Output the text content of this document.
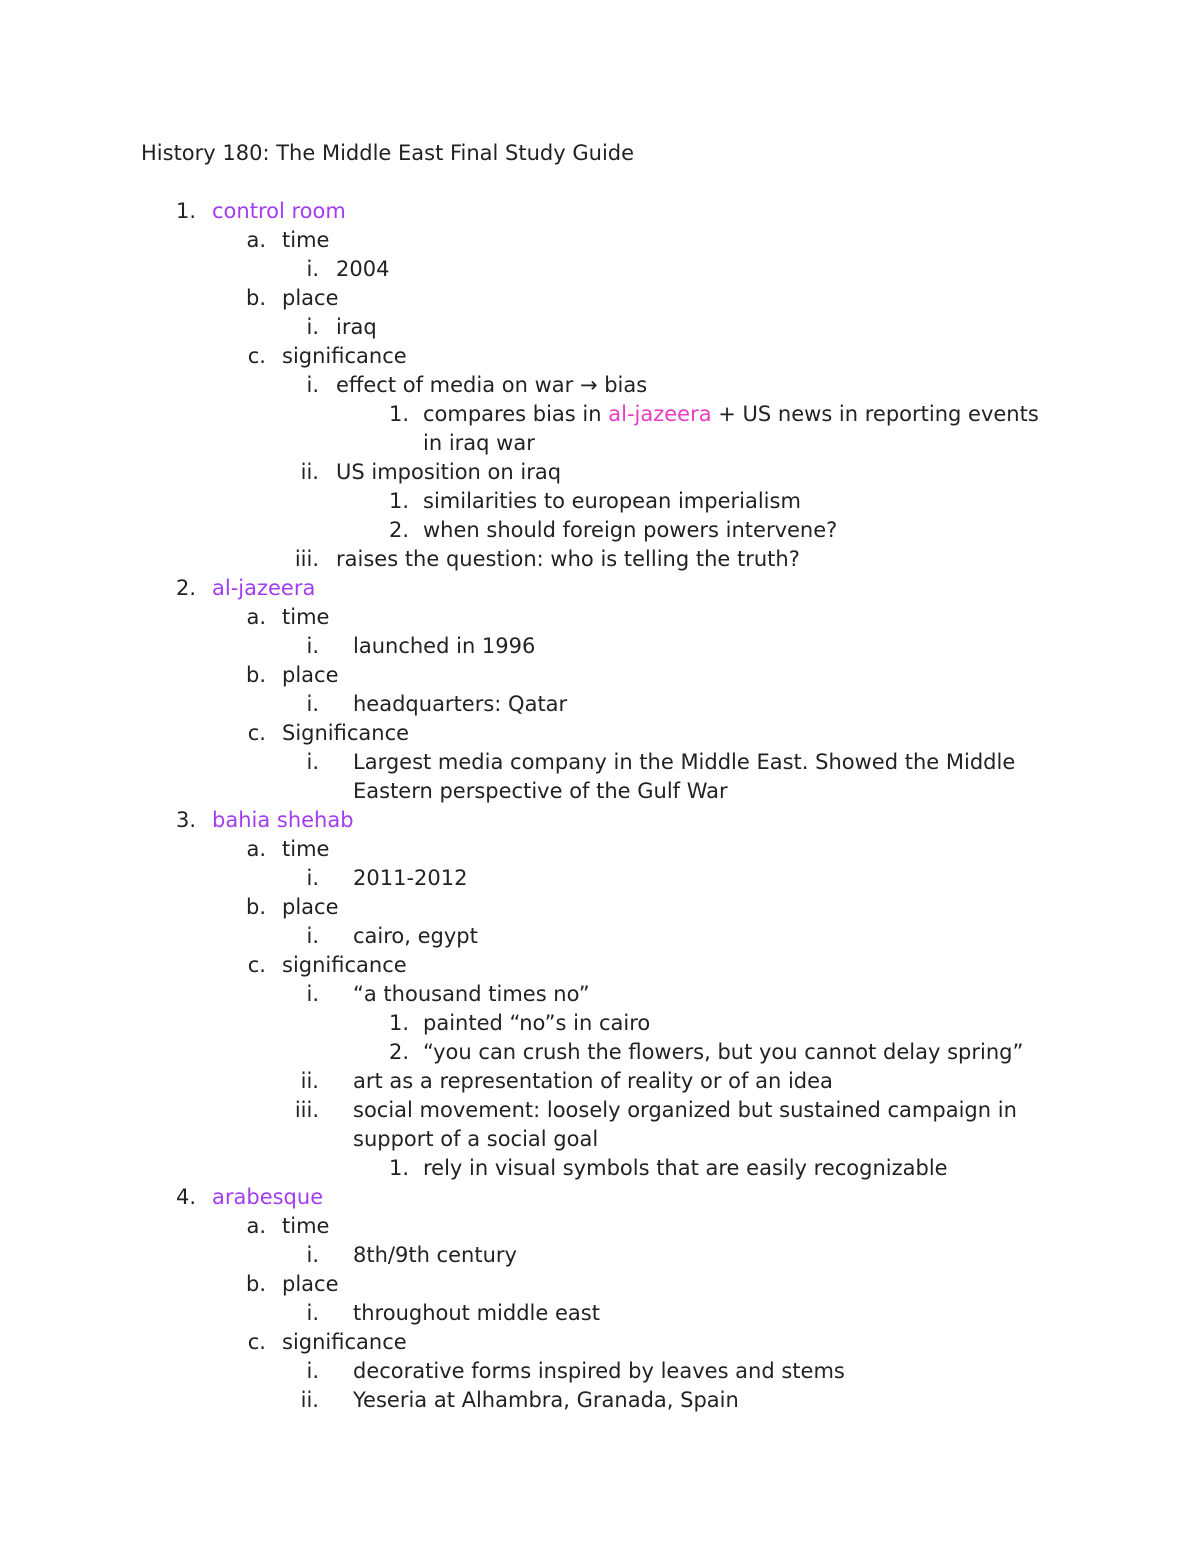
History 180: The Middle East Final Study Guide
1. control room
a. time
i. 2004
b. place
i. iraq
c. significance
i. effect of media on war → bias
1. compares bias in al-jazeera + US news in reporting events
in iraq war
ii. US imposition on iraq
1. similarities to european imperialism
2. when should foreign powers intervene?
iii. raises the question: who is telling the truth?
2. al-jazeera
a. time
i. launched in 1996
b. place
i. headquarters: Qatar
c. Significance
i. Largest media company in the Middle East. Showed the Middle
Eastern perspective of the Gulf War
3. bahia shehab
a. time
i. 2011-2012
b. place
i. cairo, egypt
c. significance
i. “a thousand times no”
1. painted “no”s in cairo
2. “you can crush the flowers, but you cannot delay spring”
ii. art as a representation of reality or of an idea
iii. social movement: loosely organized but sustained campaign in
support of a social goal
1. rely in visual symbols that are easily recognizable
4. arabesque
a. time
i. 8th/9th century
b. place
i. throughout middle east
c. significance
i. decorative forms inspired by leaves and stems
ii. Yeseria at Alhambra, Granada, Spain
